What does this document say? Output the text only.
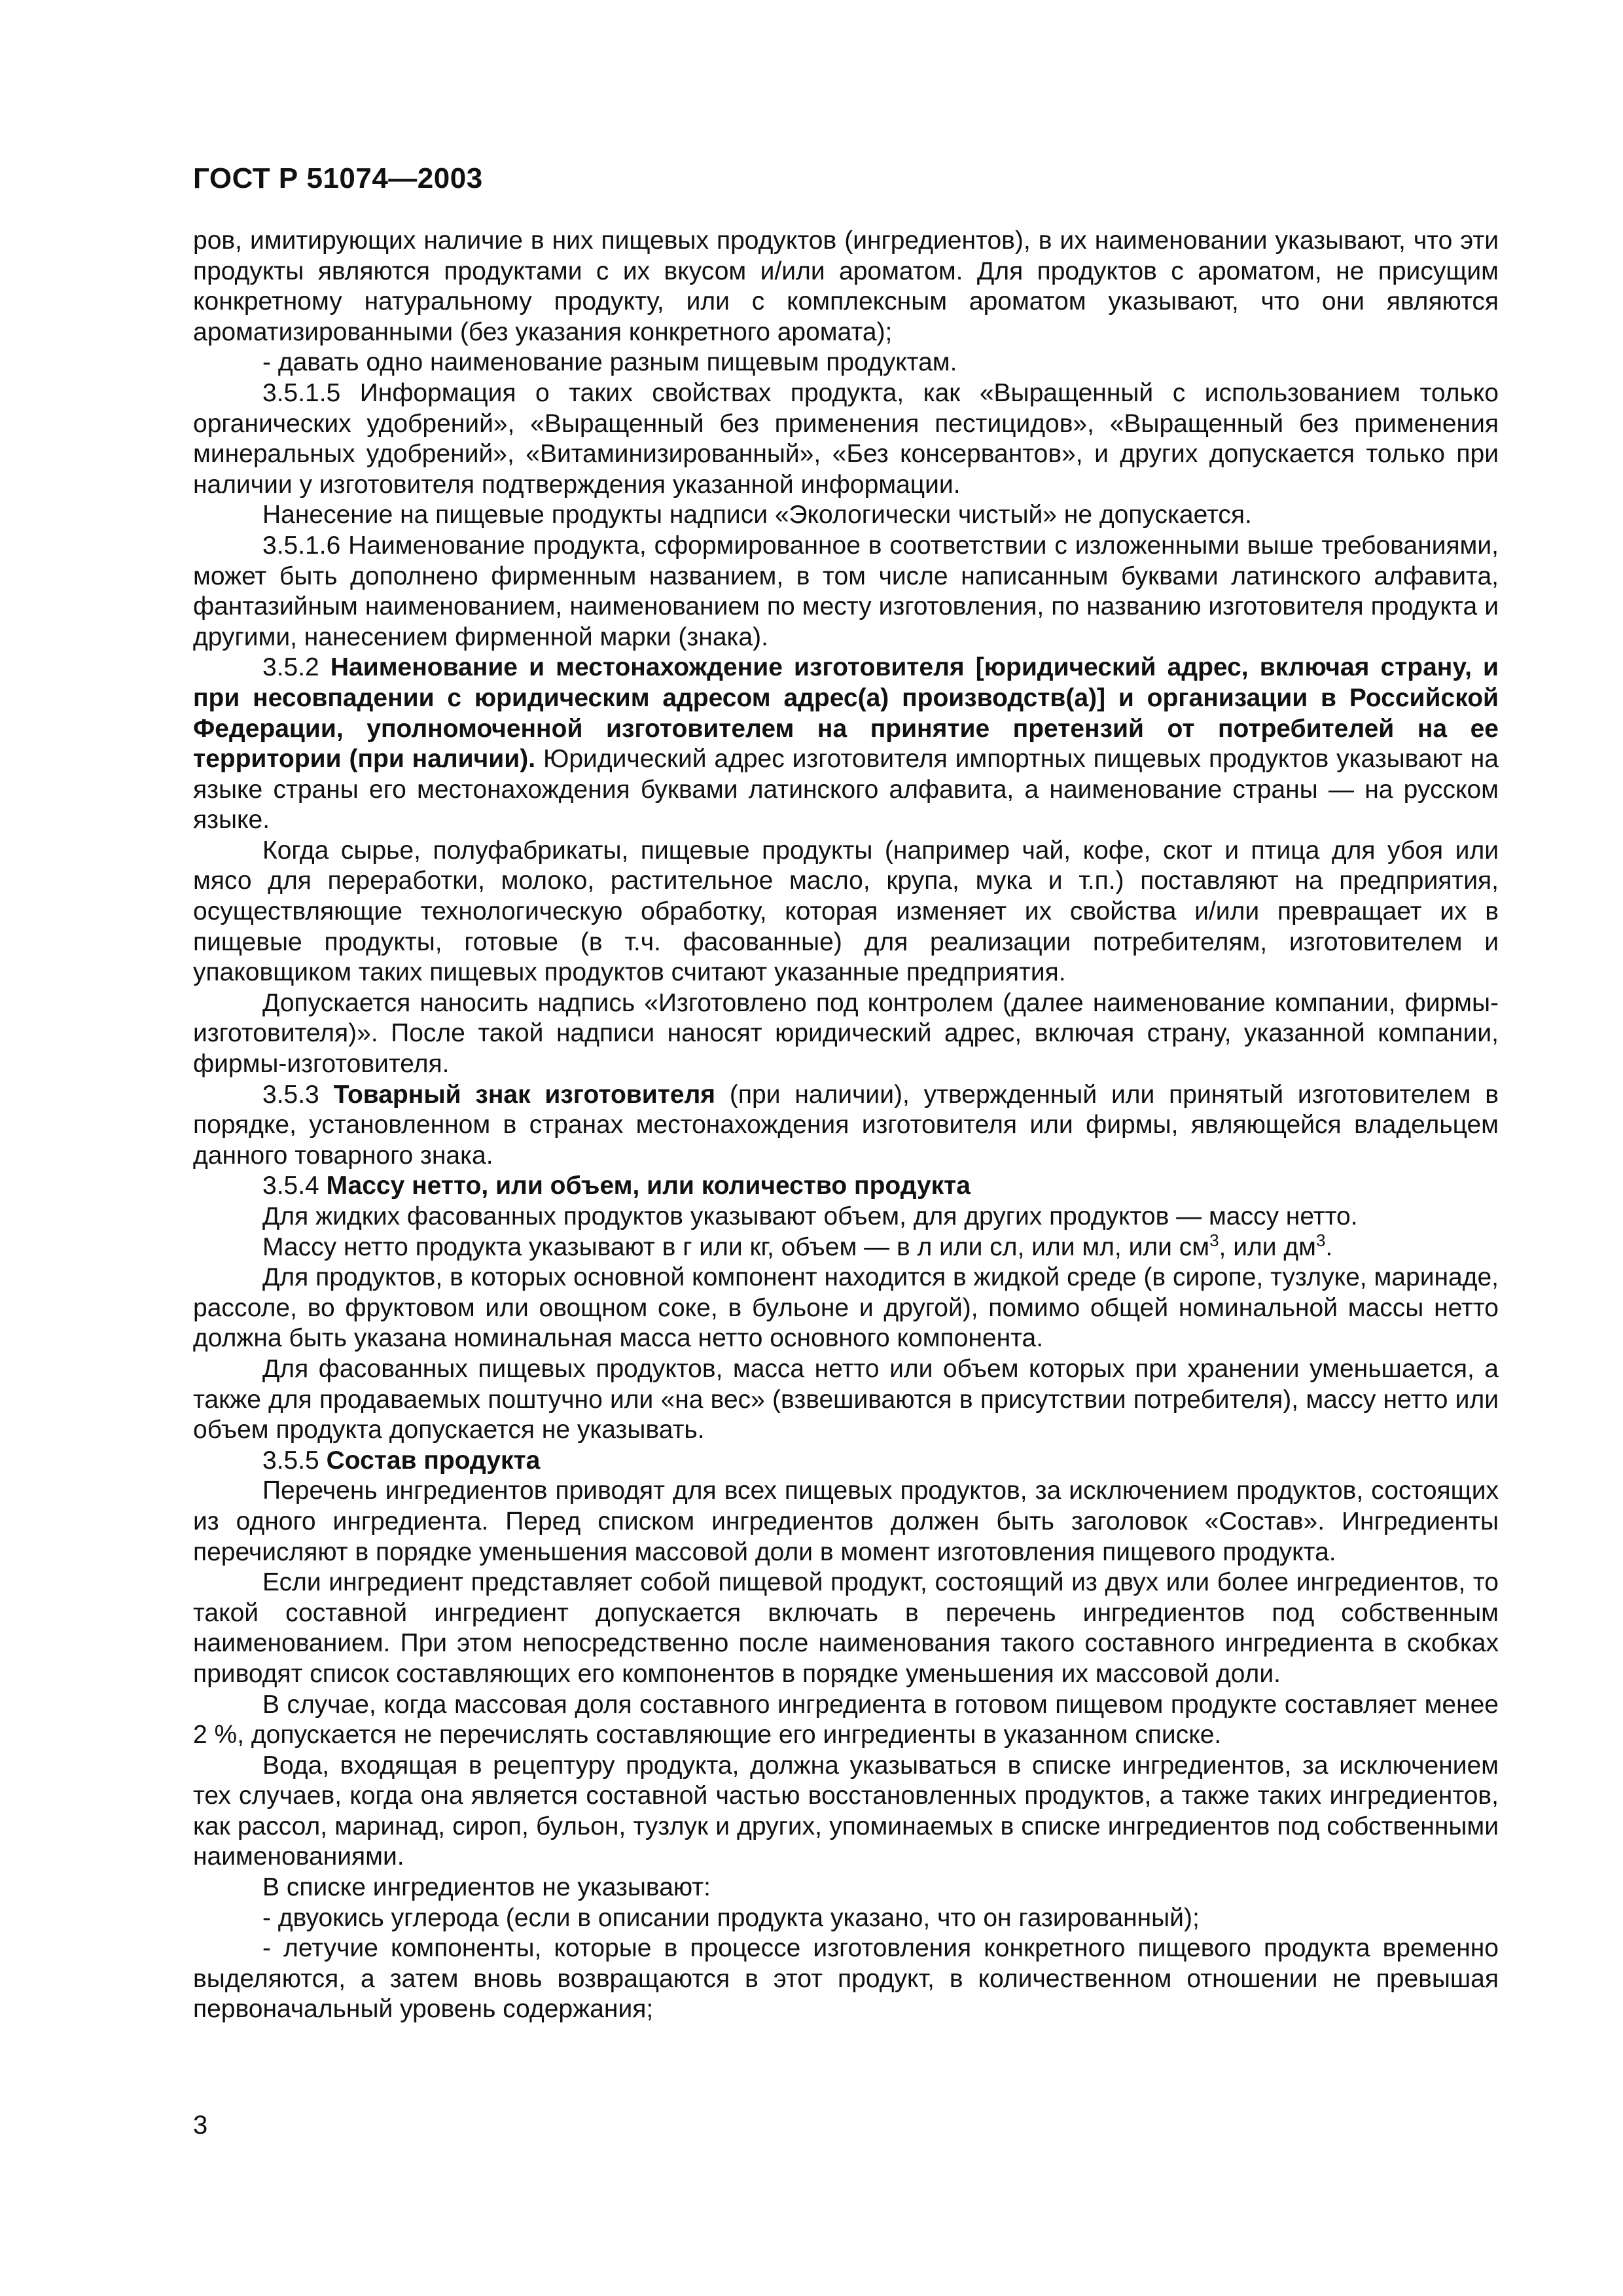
ГОСТ Р 51074—2003

ров, имитирующих наличие в них пищевых продуктов (ингредиентов), в их наименовании указывают, что эти продукты являются продуктами с их вкусом и/или ароматом. Для продуктов с ароматом, не присущим конкретному натуральному продукту, или с комплексным ароматом указывают, что они являются ароматизированными (без указания конкретного аромата);

- давать одно наименование разным пищевым продуктам.

3.5.1.5 Информация о таких свойствах продукта, как «Выращенный с использованием только органических удобрений», «Выращенный без применения пестицидов», «Выращенный без применения минеральных удобрений», «Витаминизированный», «Без консервантов», и других допускается только при наличии у изготовителя подтверждения указанной информации.

Нанесение на пищевые продукты надписи «Экологически чистый» не допускается.

3.5.1.6 Наименование продукта, сформированное в соответствии с изложенными выше требованиями, может быть дополнено фирменным названием, в том числе написанным буквами латинского алфавита, фантазийным наименованием, наименованием по месту изготовления, по названию изготовителя продукта и другими, нанесением фирменной марки (знака).

3.5.2 Наименование и местонахождение изготовителя [юридический адрес, включая страну, и при несовпадении с юридическим адресом адрес(а) производств(а)] и организации в Российской Федерации, уполномоченной изготовителем на принятие претензий от потребителей на ее территории (при наличии). Юридический адрес изготовителя импортных пищевых продуктов указывают на языке страны его местонахождения буквами латинского алфавита, а наименование страны — на русском языке.

Когда сырье, полуфабрикаты, пищевые продукты (например чай, кофе, скот и птица для убоя или мясо для переработки, молоко, растительное масло, крупа, мука и т.п.) поставляют на предприятия, осуществляющие технологическую обработку, которая изменяет их свойства и/или превращает их в пищевые продукты, готовые (в т.ч. фасованные) для реализации потребителям, изготовителем и упаковщиком таких пищевых продуктов считают указанные предприятия.

Допускается наносить надпись «Изготовлено под контролем (далее наименование компании, фирмы-изготовителя)». После такой надписи наносят юридический адрес, включая страну, указанной компании, фирмы-изготовителя.

3.5.3 Товарный знак изготовителя (при наличии), утвержденный или принятый изготовителем в порядке, установленном в странах местонахождения изготовителя или фирмы, являющейся владельцем данного товарного знака.

3.5.4 Массу нетто, или объем, или количество продукта

Для жидких фасованных продуктов указывают объем, для других продуктов — массу нетто.

Массу нетто продукта указывают в г или кг, объем — в л или сл, или мл, или $см^3$, или $дм^3$.

Для продуктов, в которых основной компонент находится в жидкой среде (в сиропе, тузлуке, маринаде, рассоле, во фруктовом или овощном соке, в бульоне и другой), помимо общей номинальной массы нетто должна быть указана номинальная масса нетто основного компонента.

Для фасованных пищевых продуктов, масса нетто или объем которых при хранении уменьшается, а также для продаваемых поштучно или «на вес» (взвешиваются в присутствии потребителя), массу нетто или объем продукта допускается не указывать.

3.5.5 Состав продукта

Перечень ингредиентов приводят для всех пищевых продуктов, за исключением продуктов, состоящих из одного ингредиента. Перед списком ингредиентов должен быть заголовок «Состав». Ингредиенты перечисляют в порядке уменьшения массовой доли в момент изготовления пищевого продукта.

Если ингредиент представляет собой пищевой продукт, состоящий из двух или более ингредиентов, то такой составной ингредиент допускается включать в перечень ингредиентов под собственным наименованием. При этом непосредственно после наименования такого составного ингредиента в скобках приводят список составляющих его компонентов в порядке уменьшения их массовой доли.

В случае, когда массовая доля составного ингредиента в готовом пищевом продукте составляет менее 2 %, допускается не перечислять составляющие его ингредиенты в указанном списке.

Вода, входящая в рецептуру продукта, должна указываться в списке ингредиентов, за исключением тех случаев, когда она является составной частью восстановленных продуктов, а также таких ингредиентов, как рассол, маринад, сироп, бульон, тузлук и других, упоминаемых в списке ингредиентов под собственными наименованиями.

В списке ингредиентов не указывают:

- двуокись углерода (если в описании продукта указано, что он газированный);

- летучие компоненты, которые в процессе изготовления конкретного пищевого продукта временно выделяются, а затем вновь возвращаются в этот продукт, в количественном отношении не превышая первоначальный уровень содержания;

3
